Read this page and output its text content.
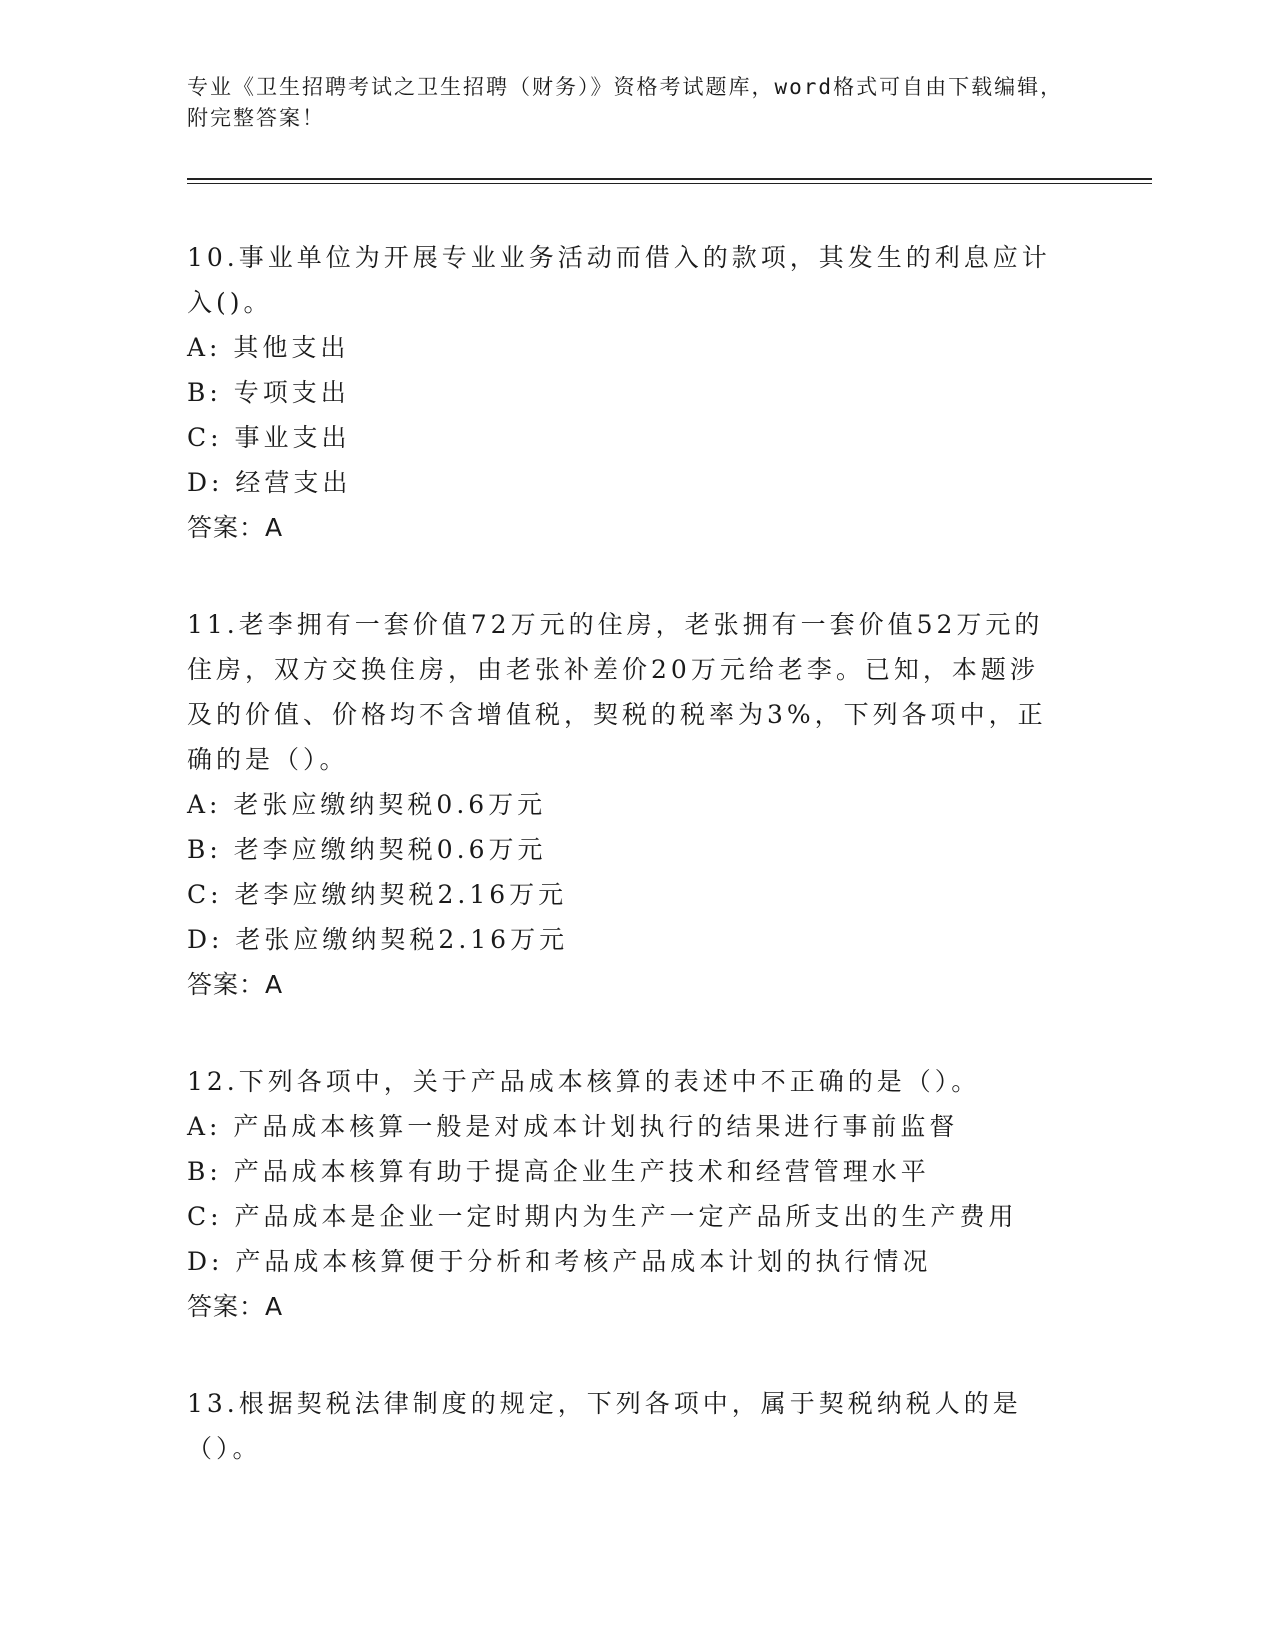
专业《卫生招聘考试之卫生招聘（财务）》资格考试题库，word格式可自由下载编辑，附完整答案！

10.事业单位为开展专业业务活动而借入的款项，其发生的利息应计入()。

A: 其他支出
B: 专项支出
C: 事业支出
D: 经营支出

答案：A

11.老李拥有一套价值72万元的住房，老张拥有一套价值52万元的住房，双方交换住房，由老张补差价20万元给老李。已知，本题涉及的价值、价格均不含增值税，契税的税率为3%，下列各项中，正确的是（）。

A: 老张应缴纳契税0.6万元
B: 老李应缴纳契税0.6万元
C: 老李应缴纳契税2.16万元
D: 老张应缴纳契税2.16万元

答案：A

12.下列各项中，关于产品成本核算的表述中不正确的是（）。

A: 产品成本核算一般是对成本计划执行的结果进行事前监督
B: 产品成本核算有助于提高企业生产技术和经营管理水平
C: 产品成本是企业一定时期内为生产一定产品所支出的生产费用
D: 产品成本核算便于分析和考核产品成本计划的执行情况

答案：A

13.根据契税法律制度的规定，下列各项中，属于契税纳税人的是（）。
